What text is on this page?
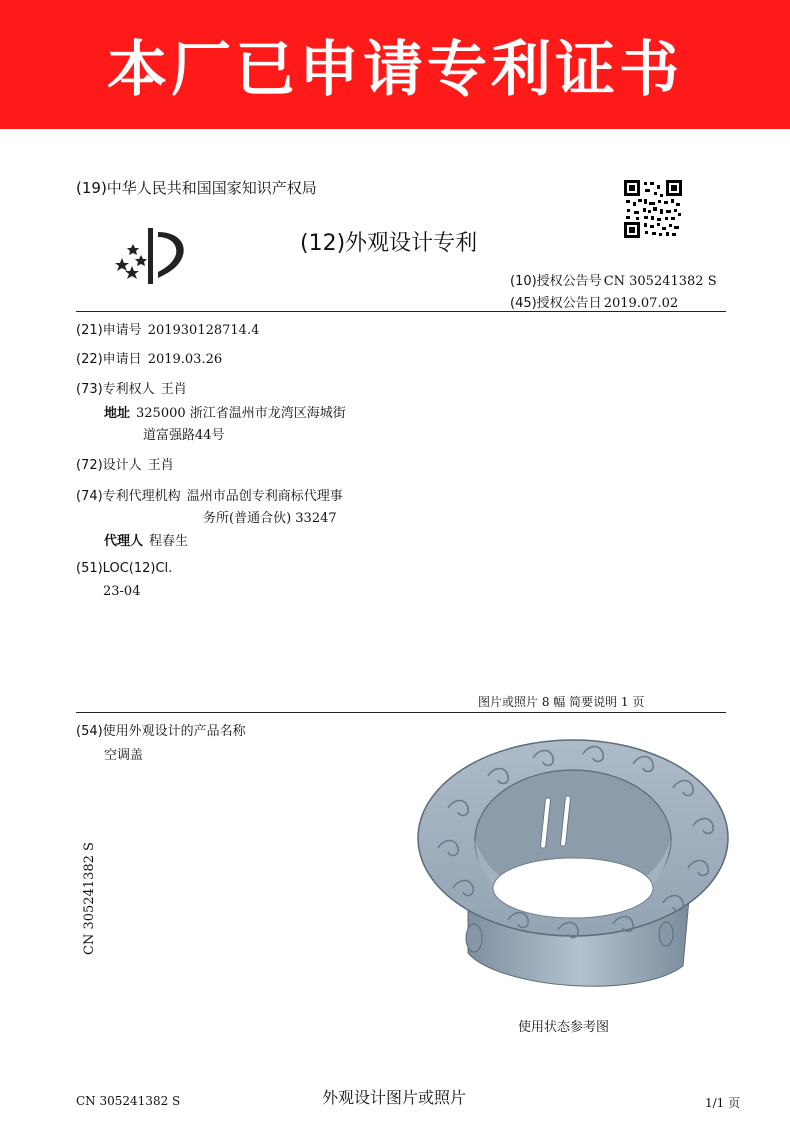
本厂已申请专利证书
(19)中华人民共和国国家知识产权局
(12)外观设计专利
(10)授权公告号 CN 305241382 S
(45)授权公告日 2019.07.02
(21)申请号 201930128714.4
(22)申请日 2019.03.26
(73)专利权人 王肖
地址 325000 浙江省温州市龙湾区海城街
道富强路44号
(72)设计人 王肖
(74)专利代理机构 温州市品创专利商标代理事
务所(普通合伙) 33247
代理人 程春生
(51)LOC(12)Cl.
23-04
图片或照片 8 幅 简要说明 1 页
(54)使用外观设计的产品名称
空调盖
CN 305241382 S
使用状态参考图
CN 305241382 S	外观设计图片或照片	1/1 页
